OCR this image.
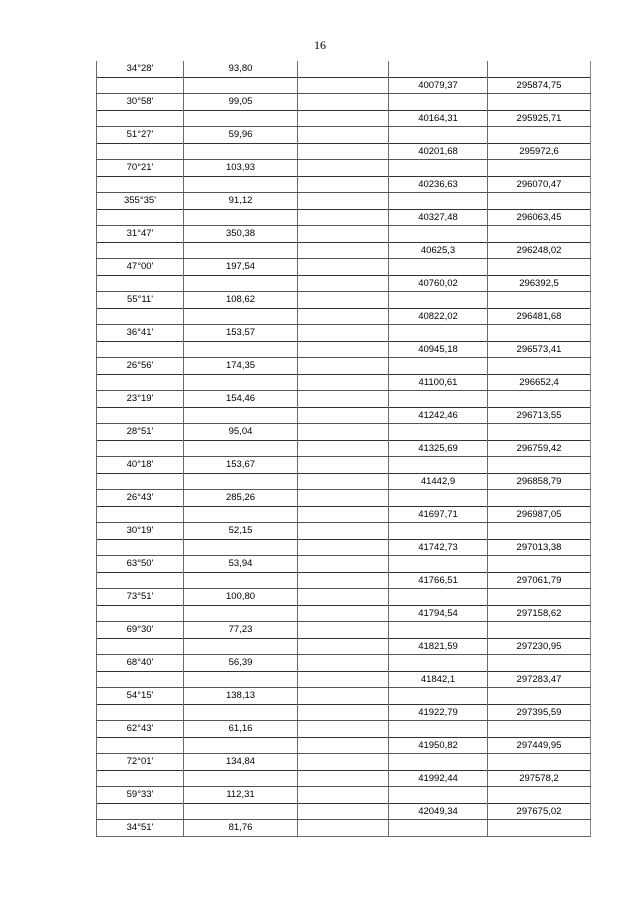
16
	34°28'	93,80			
				40079,37	295874,75
	30°58'	99,05			
				40164,31	295925,71
	51°27'	59,96			
				40201,68	295972,6
	70°21'	103,93			
				40236,63	296070,47
	355°35'	91,12			
				40327,48	296063,45
	31°47'	350,38			
				40625,3	296248,02
	47°00'	197,54			
				40760,02	296392,5
	55°11'	108,62			
				40822,02	296481,68
	36°41'	153,57			
				40945,18	296573,41
	26°56'	174,35			
				41100,61	296652,4
	23°19'	154,46			
				41242,46	296713,55
	28°51'	95,04			
				41325,69	296759,42
	40°18'	153,67			
				41442,9	296858,79
	26°43'	285,26			
				41697,71	296987,05
	30°19'	52,15			
				41742,73	297013,38
	63°50'	53,94			
				41766,51	297061,79
	73°51'	100,80			
				41794,54	297158,62
	69°30'	77,23			
				41821,59	297230,95
	68°40'	56,39			
				41842,1	297283,47
	54°15'	138,13			
				41922,79	297395,59
	62°43'	61,16			
				41950,82	297449,95
	72°01'	134,84			
				41992,44	297578,2
	59°33'	112,31			
				42049,34	297675,02
	34°51'	81,76			
